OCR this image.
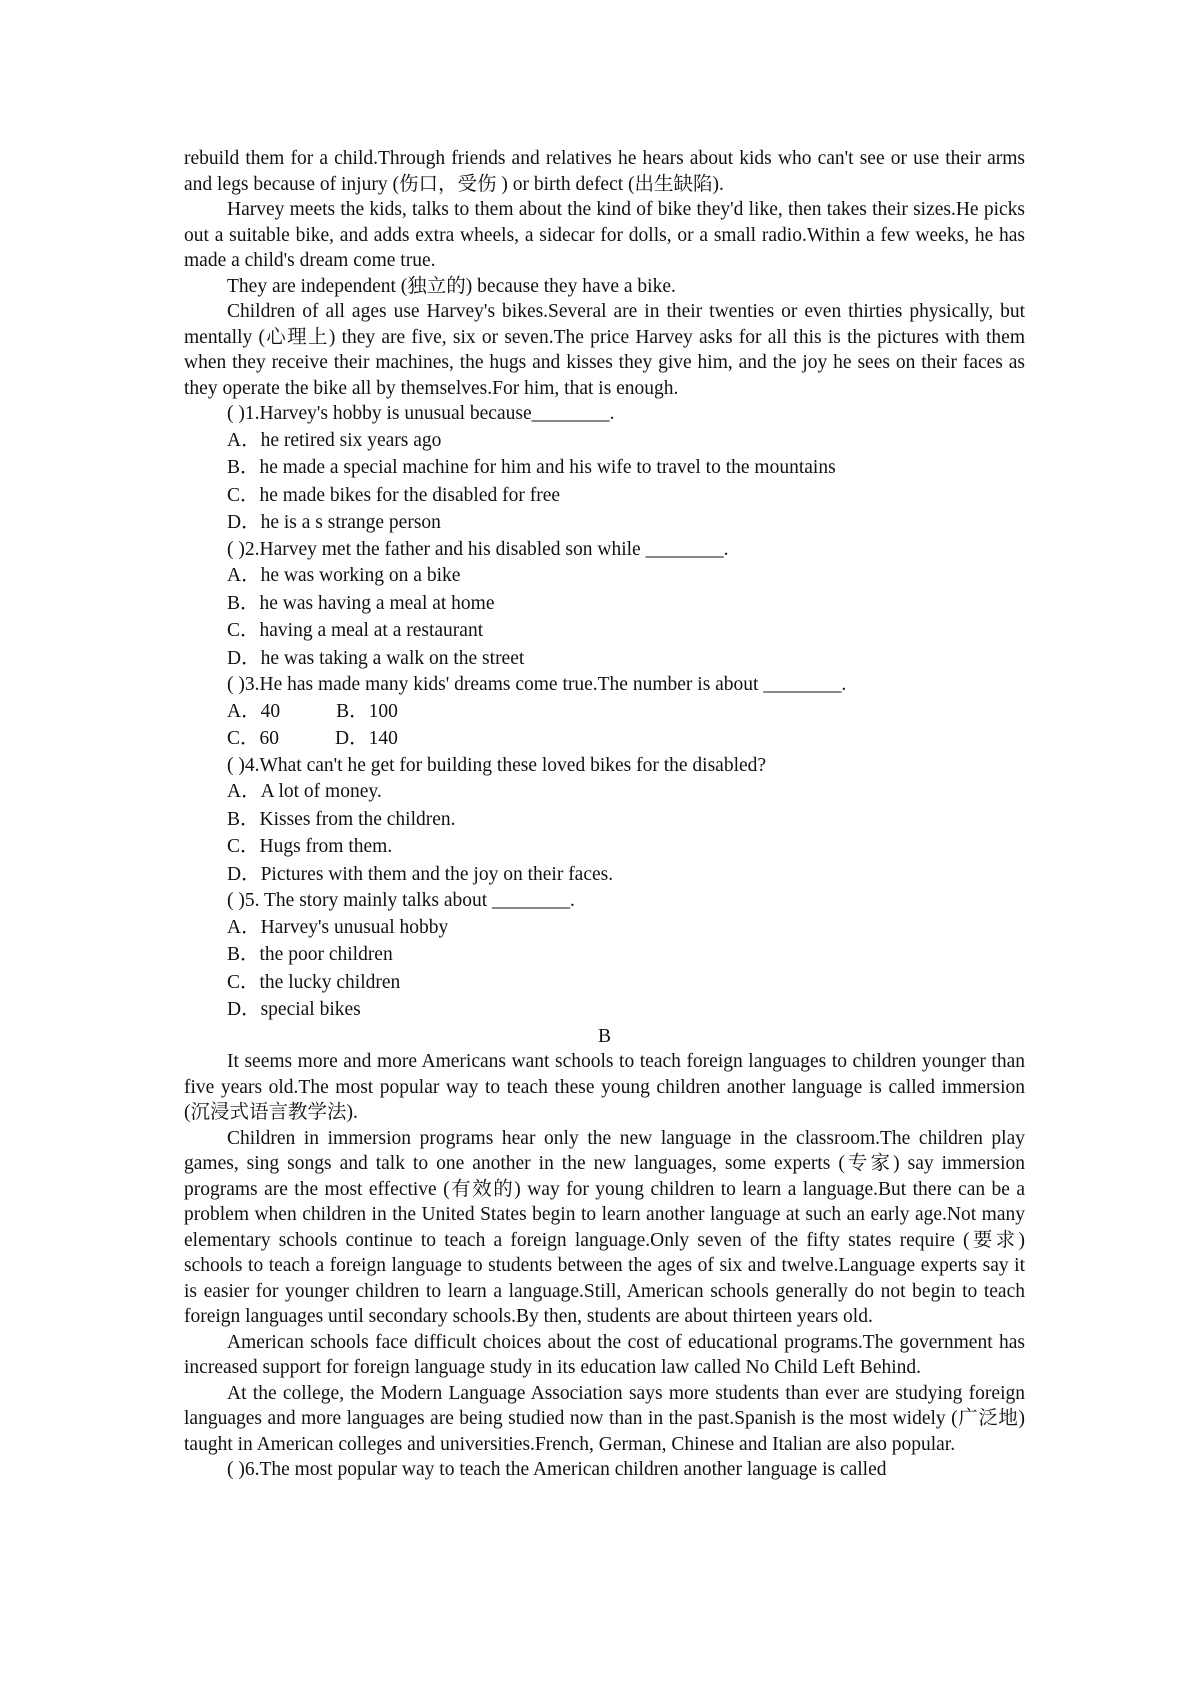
rebuild them for a child.Through friends and relatives he hears about kids who can't see or use their arms and legs because of injury (伤口，受伤 ) or birth defect (出生缺陷).

Harvey meets the kids, talks to them about the kind of bike they'd like, then takes their sizes.He picks out a suitable bike, and adds extra wheels, a sidecar for dolls, or a small radio.Within a few weeks, he has made a child's dream come true.

They are independent (独立的) because they have a bike.

Children of all ages use Harvey's bikes.Several are in their twenties or even thirties physically, but mentally (心理上) they are five, six or seven.The price Harvey asks for all this is the pictures with them when they receive their machines, the hugs and kisses they give him, and the joy he sees on their faces as they operate the bike all by themselves.For him, that is enough.

( )1.Harvey's hobby is unusual because________.
A．he retired six years ago
B．he made a special machine for him and his wife to travel to the mountains
C．he made bikes for the disabled for free
D．he is a s strange person
( )2.Harvey met the father and his disabled son while ________.
A．he was working on a bike
B．he was having a meal at home
C．having a meal at a restaurant
D．he was taking a walk on the street
( )3.He has made many kids' dreams come true.The number is about ________.
A．40	B．100
C．60	D．140
( )4.What can't he get for building these loved bikes for the disabled?
A．A lot of money.
B．Kisses from the children.
C．Hugs from them.
D．Pictures with them and the joy on their faces.
( )5. The story mainly talks about ________.
A．Harvey's unusual hobby
B．the poor children
C．the lucky children
D．special bikes
B

It seems more and more Americans want schools to teach foreign languages to children younger than five years old.The most popular way to teach these young children another language is called immersion (沉浸式语言教学法).

Children in immersion programs hear only the new language in the classroom.The children play games, sing songs and talk to one another in the new languages, some experts (专家) say immersion programs are the most effective (有效的) way for young children to learn a language.But there can be a problem when children in the United States begin to learn another language at such an early age.Not many elementary schools continue to teach a foreign language.Only seven of the fifty states require (要求) schools to teach a foreign language to students between the ages of six and twelve.Language experts say it is easier for younger children to learn a language.Still, American schools generally do not begin to teach foreign languages until secondary schools.By then, students are about thirteen years old.

American schools face difficult choices about the cost of educational programs.The government has increased support for foreign language study in its education law called No Child Left Behind.

At the college, the Modern Language Association says more students than ever are studying foreign languages and more languages are being studied now than in the past.Spanish is the most widely (广泛地) taught in American colleges and universities.French, German, Chinese and Italian are also popular.

( )6.The most popular way to teach the American children another language is called
